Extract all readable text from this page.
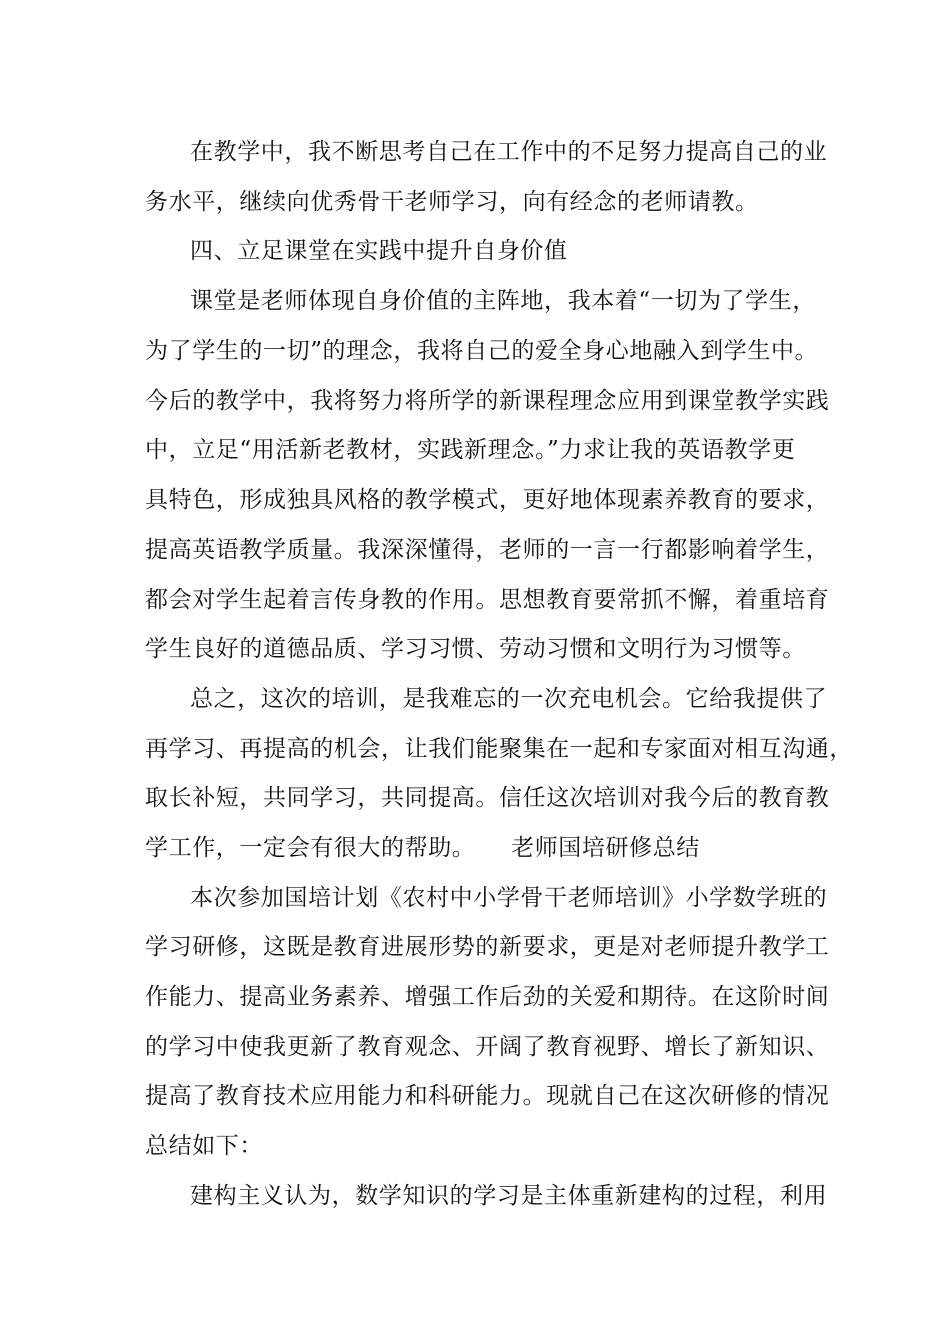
在教学中，我不断思考自己在工作中的不足努力提高自己的业
务水平，继续向优秀骨干老师学习，向有经念的老师请教。
四、立足课堂在实践中提升自身价值
课堂是老师体现自身价值的主阵地，我本着“一切为了学生，
为了学生的一切”的理念，我将自己的爱全身心地融入到学生中。
今后的教学中，我将努力将所学的新课程理念应用到课堂教学实践
中，立足“用活新老教材，实践新理念。”力求让我的英语教学更
具特色，形成独具风格的教学模式，更好地体现素养教育的要求，
提高英语教学质量。我深深懂得，老师的一言一行都影响着学生，
都会对学生起着言传身教的作用。思想教育要常抓不懈，着重培育
学生良好的道德品质、学习习惯、劳动习惯和文明行为习惯等。
总之，这次的培训，是我难忘的一次充电机会。它给我提供了
再学习、再提高的机会，让我们能聚集在一起和专家面对相互沟通，
取长补短，共同学习，共同提高。信任这次培训对我今后的教育教
学工作，一定会有很大的帮助。　　老师国培研修总结
本次参加国培计划《农村中小学骨干老师培训》小学数学班的
学习研修，这既是教育进展形势的新要求，更是对老师提升教学工
作能力、提高业务素养、增强工作后劲的关爱和期待。在这阶时间
的学习中使我更新了教育观念、开阔了教育视野、增长了新知识、
提高了教育技术应用能力和科研能力。现就自己在这次研修的情况
总结如下：
建构主义认为，数学知识的学习是主体重新建构的过程，利用
